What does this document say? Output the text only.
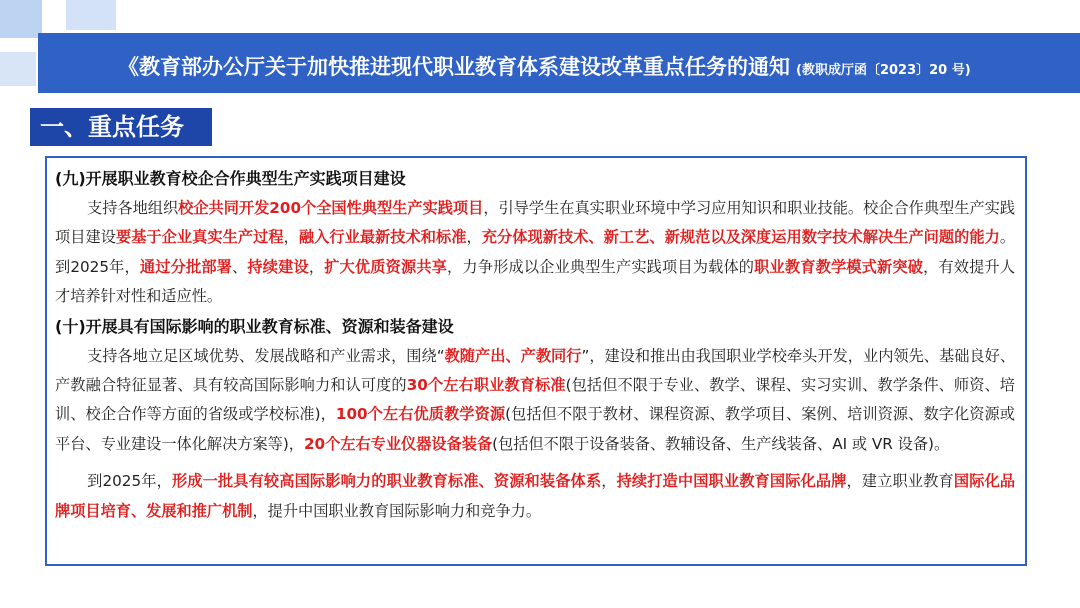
《教育部办公厅关于加快推进现代职业教育体系建设改革重点任务的通知 (教职成厅函〔2023〕20 号)
一、重点任务

(九)开展职业教育校企合作典型生产实践项目建设

支持各地组织校企共同开发200个全国性典型生产实践项目，引导学生在真实职业环境中学习应用知识和职业技能。校企合作典型生产实践项目建设要基于企业真实生产过程，融入行业最新技术和标准，充分体现新技术、新工艺、新规范以及深度运用数字技术解决生产问题的能力。到2025年，通过分批部署、持续建设，扩大优质资源共享，力争形成以企业典型生产实践项目为载体的职业教育教学模式新突破，有效提升人才培养针对性和适应性。

(十)开展具有国际影响的职业教育标准、资源和装备建设

支持各地立足区域优势、发展战略和产业需求，围绕“教随产出、产教同行”，建设和推出由我国职业学校牵头开发，业内领先、基础良好、产教融合特征显著、具有较高国际影响力和认可度的30个左右职业教育标准(包括但不限于专业、教学、课程、实习实训、教学条件、师资、培训、校企合作等方面的省级或学校标准)，100个左右优质教学资源(包括但不限于教材、课程资源、教学项目、案例、培训资源、数字化资源或平台、专业建设一体化解决方案等)，20个左右专业仪器设备装备(包括但不限于设备装备、教辅设备、生产线装备、AI 或 VR 设备)。

到2025年，形成一批具有较高国际影响力的职业教育标准、资源和装备体系，持续打造中国职业教育国际化品牌，建立职业教育国际化品牌项目培育、发展和推广机制，提升中国职业教育国际影响力和竞争力。
